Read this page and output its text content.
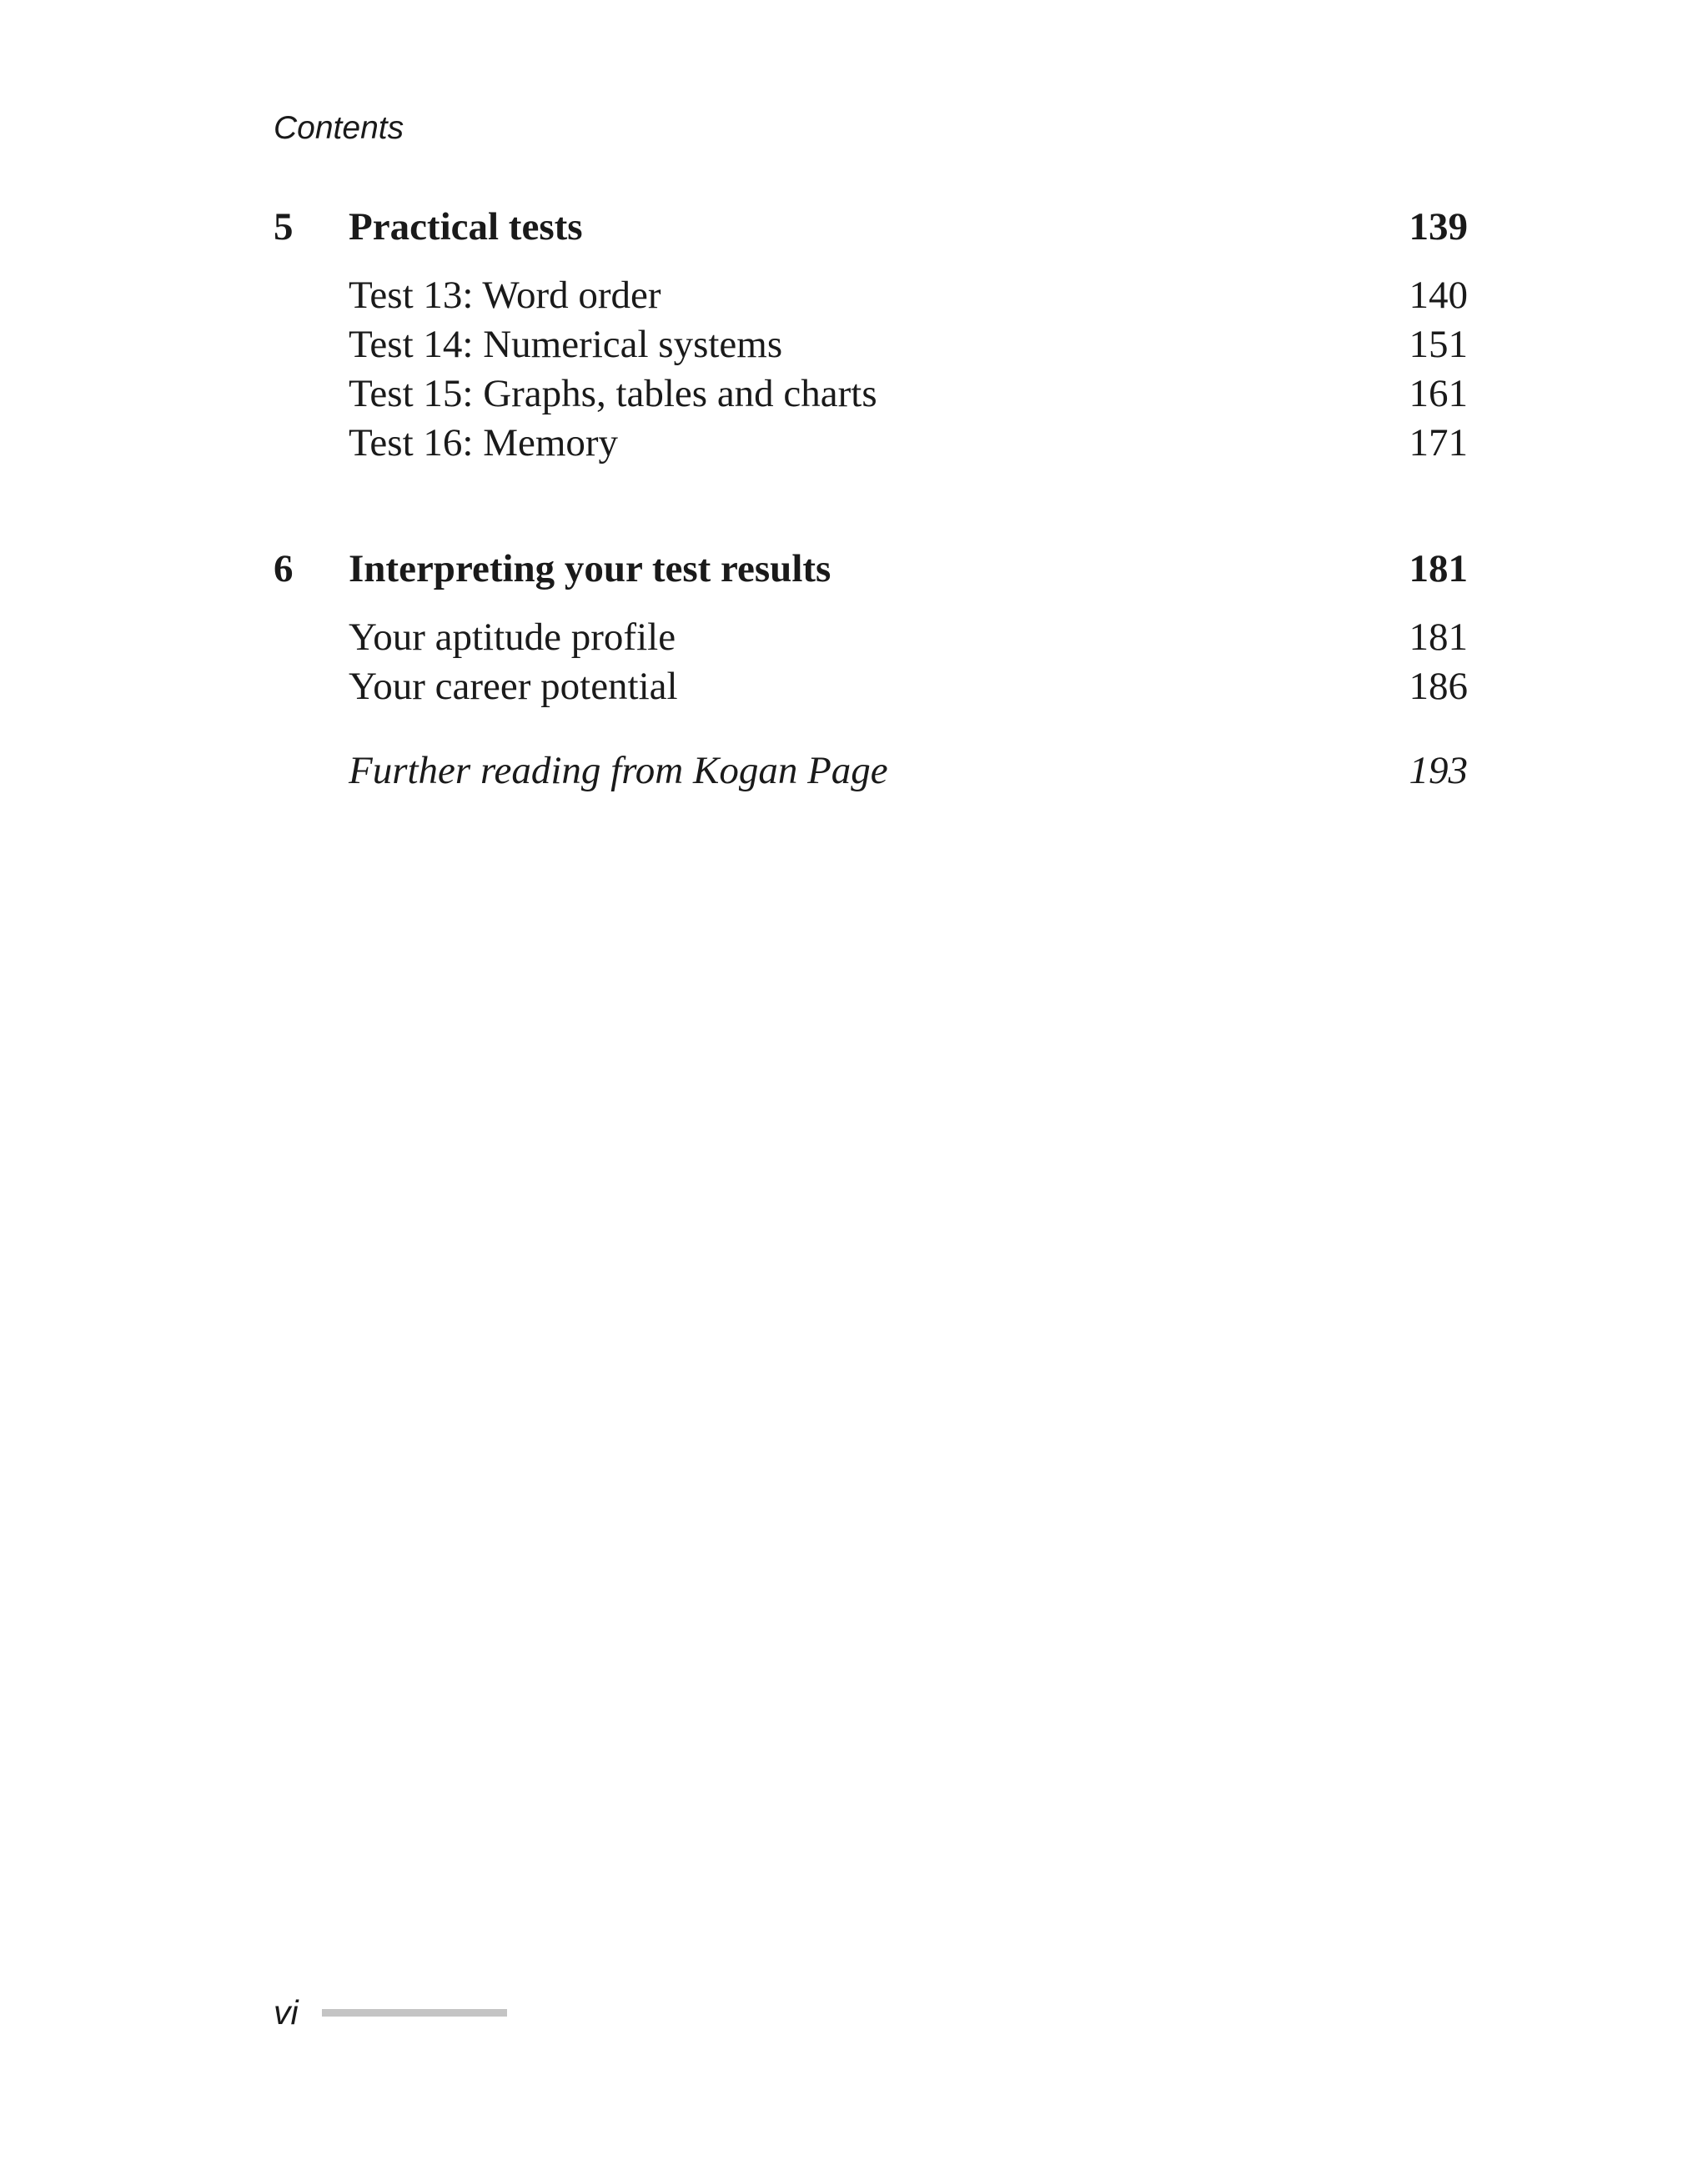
Contents
5	Practical tests	139
Test 13: Word order	140
Test 14: Numerical systems	151
Test 15: Graphs, tables and charts	161
Test 16: Memory	171
6	Interpreting your test results	181
Your aptitude profile	181
Your career potential	186
Further reading from Kogan Page	193
vi
